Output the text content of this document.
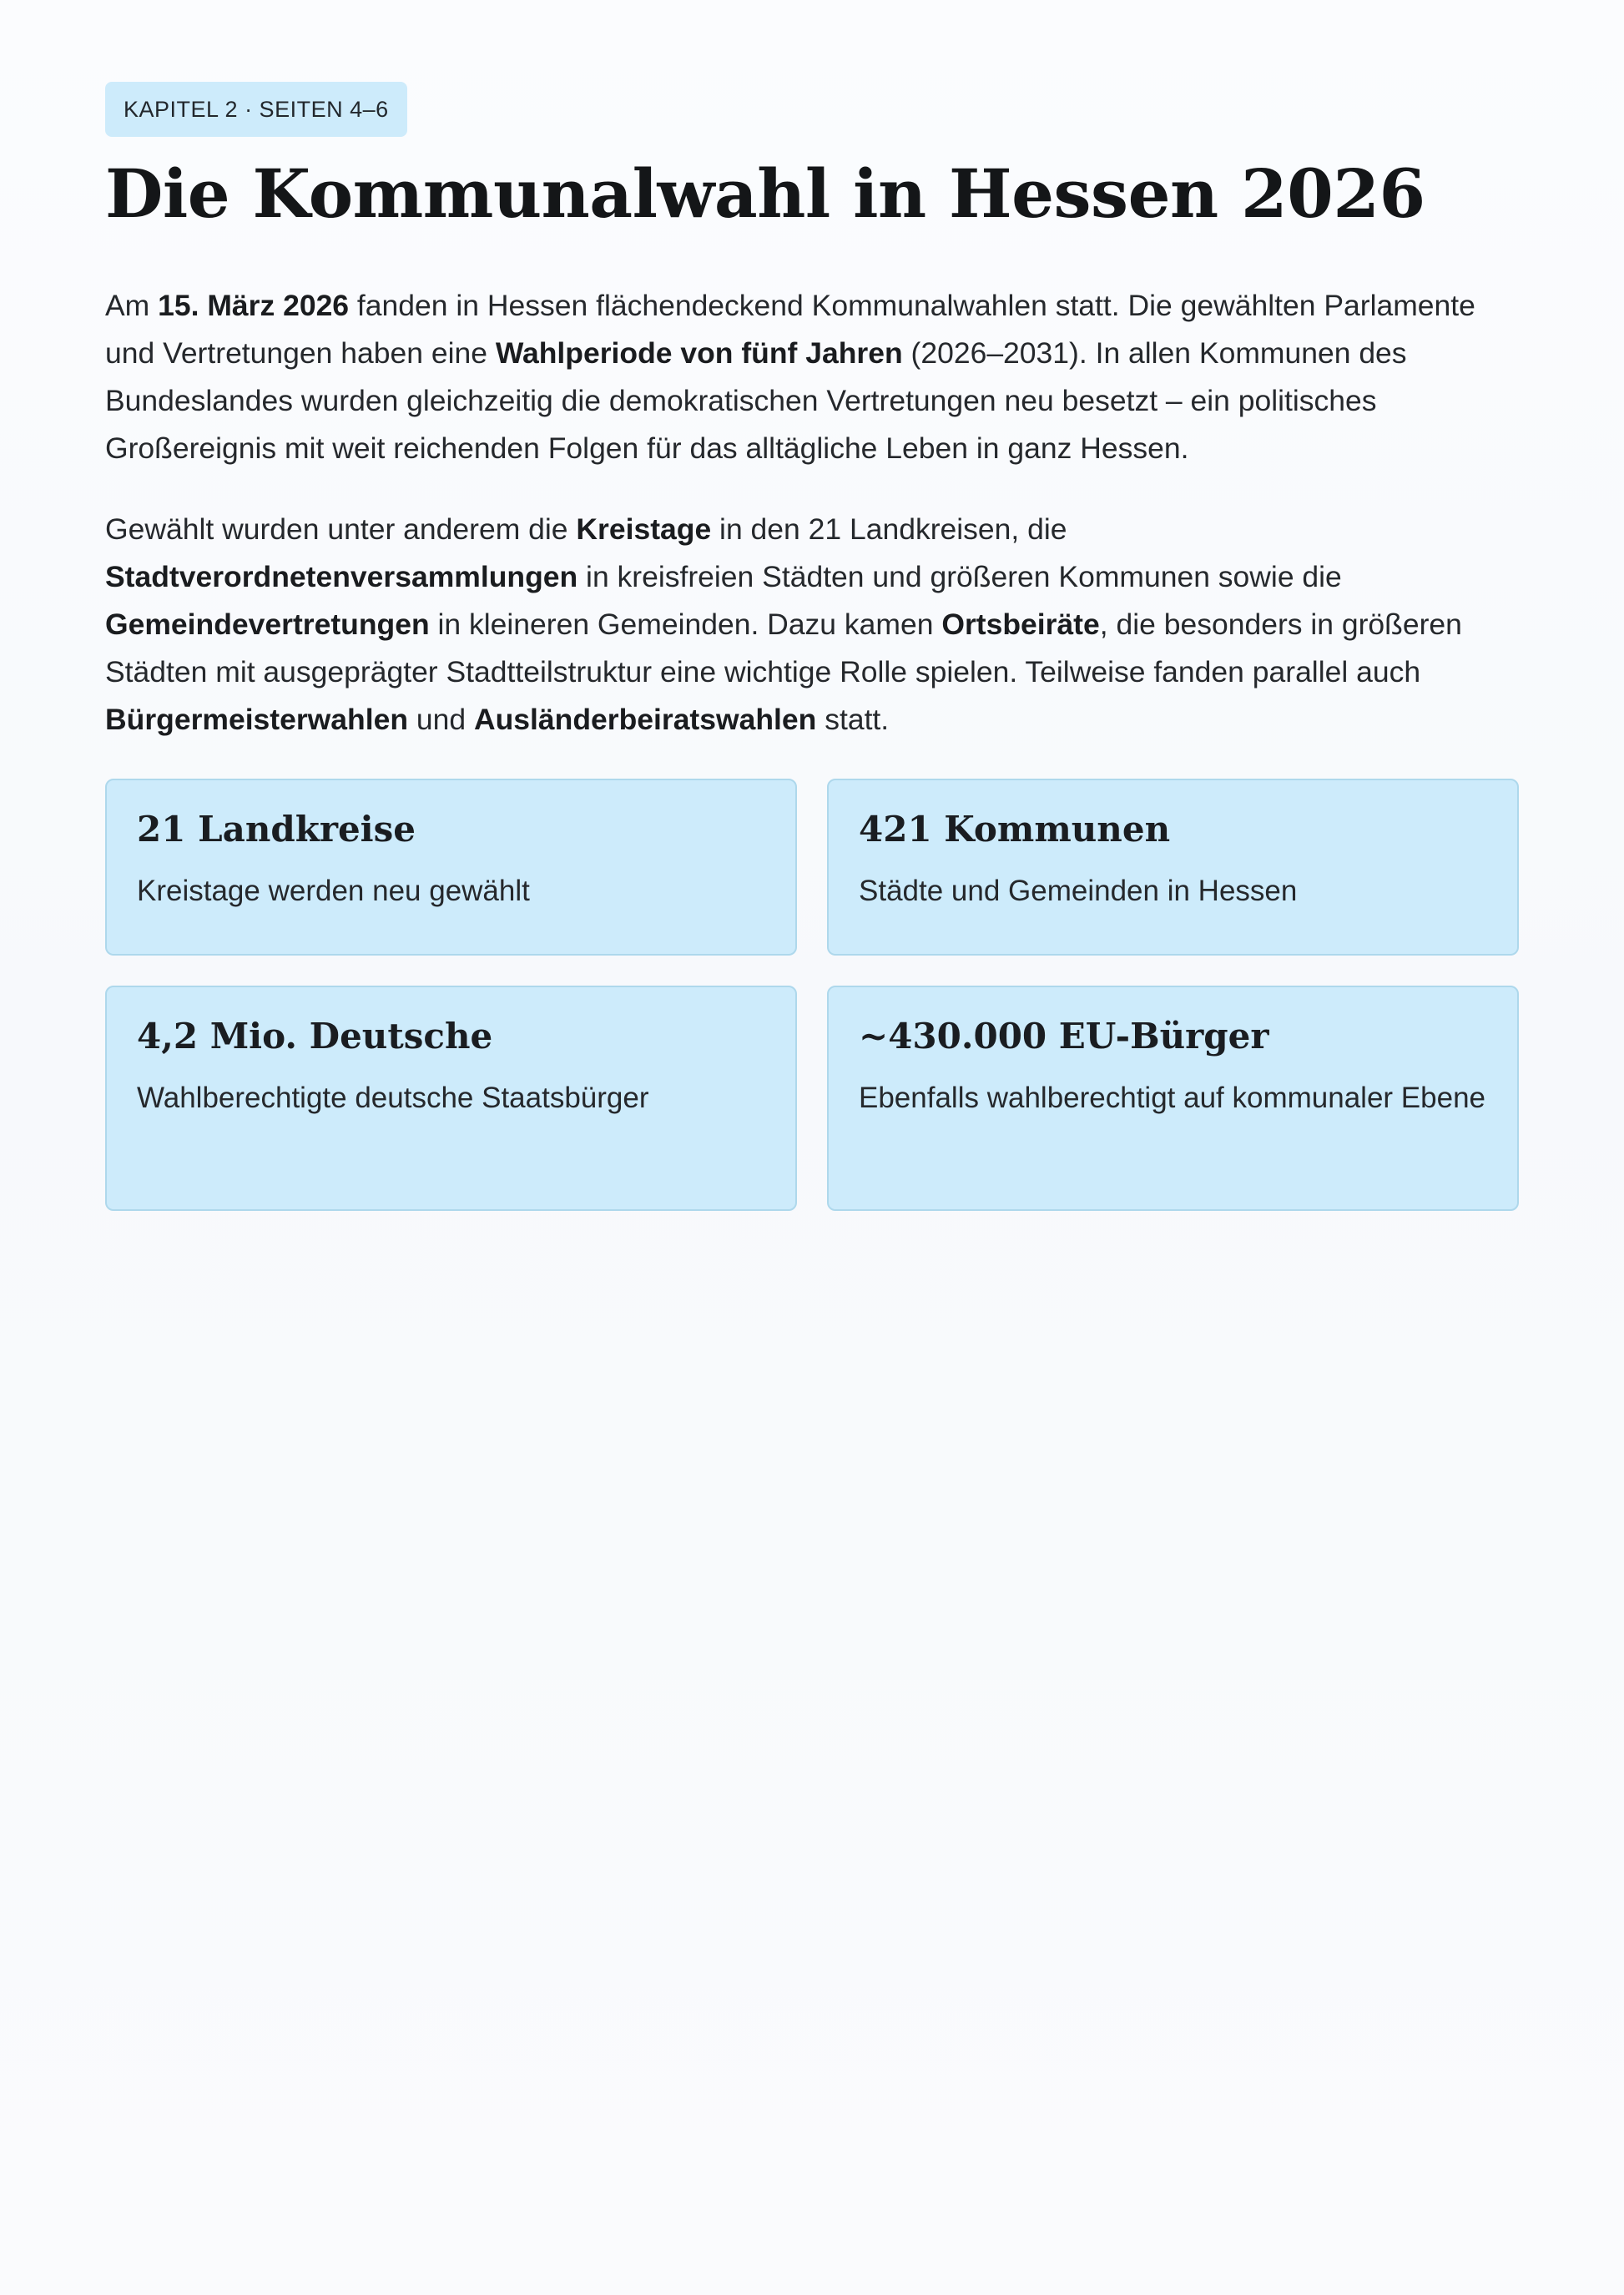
KAPITEL 2 · SEITEN 4–6
Die Kommunalwahl in Hessen 2026

Am 15. März 2026 fanden in Hessen flächendeckend Kommunalwahlen statt. Die gewählten Parlamente und Vertretungen haben eine Wahlperiode von fünf Jahren (2026–2031). In allen Kommunen des Bundeslandes wurden gleichzeitig die demokratischen Vertretungen neu besetzt – ein politisches Großereignis mit weit reichenden Folgen für das alltägliche Leben in ganz Hessen.

Gewählt wurden unter anderem die Kreistage in den 21 Landkreisen, die Stadtverordnetenversammlungen in kreisfreien Städten und größeren Kommunen sowie die Gemeindevertretungen in kleineren Gemeinden. Dazu kamen Ortsbeiräte, die besonders in größeren Städten mit ausgeprägter Stadtteilstruktur eine wichtige Rolle spielen. Teilweise fanden parallel auch Bürgermeisterwahlen und Ausländerbeiratswahlen statt.

21 Landkreise
Kreistage werden neu gewählt
421 Kommunen
Städte und Gemeinden in Hessen
4,2 Mio. Deutsche
Wahlberechtigte deutsche Staatsbürger
~430.000 EU-Bürger
Ebenfalls wahlberechtigt auf kommunaler Ebene
